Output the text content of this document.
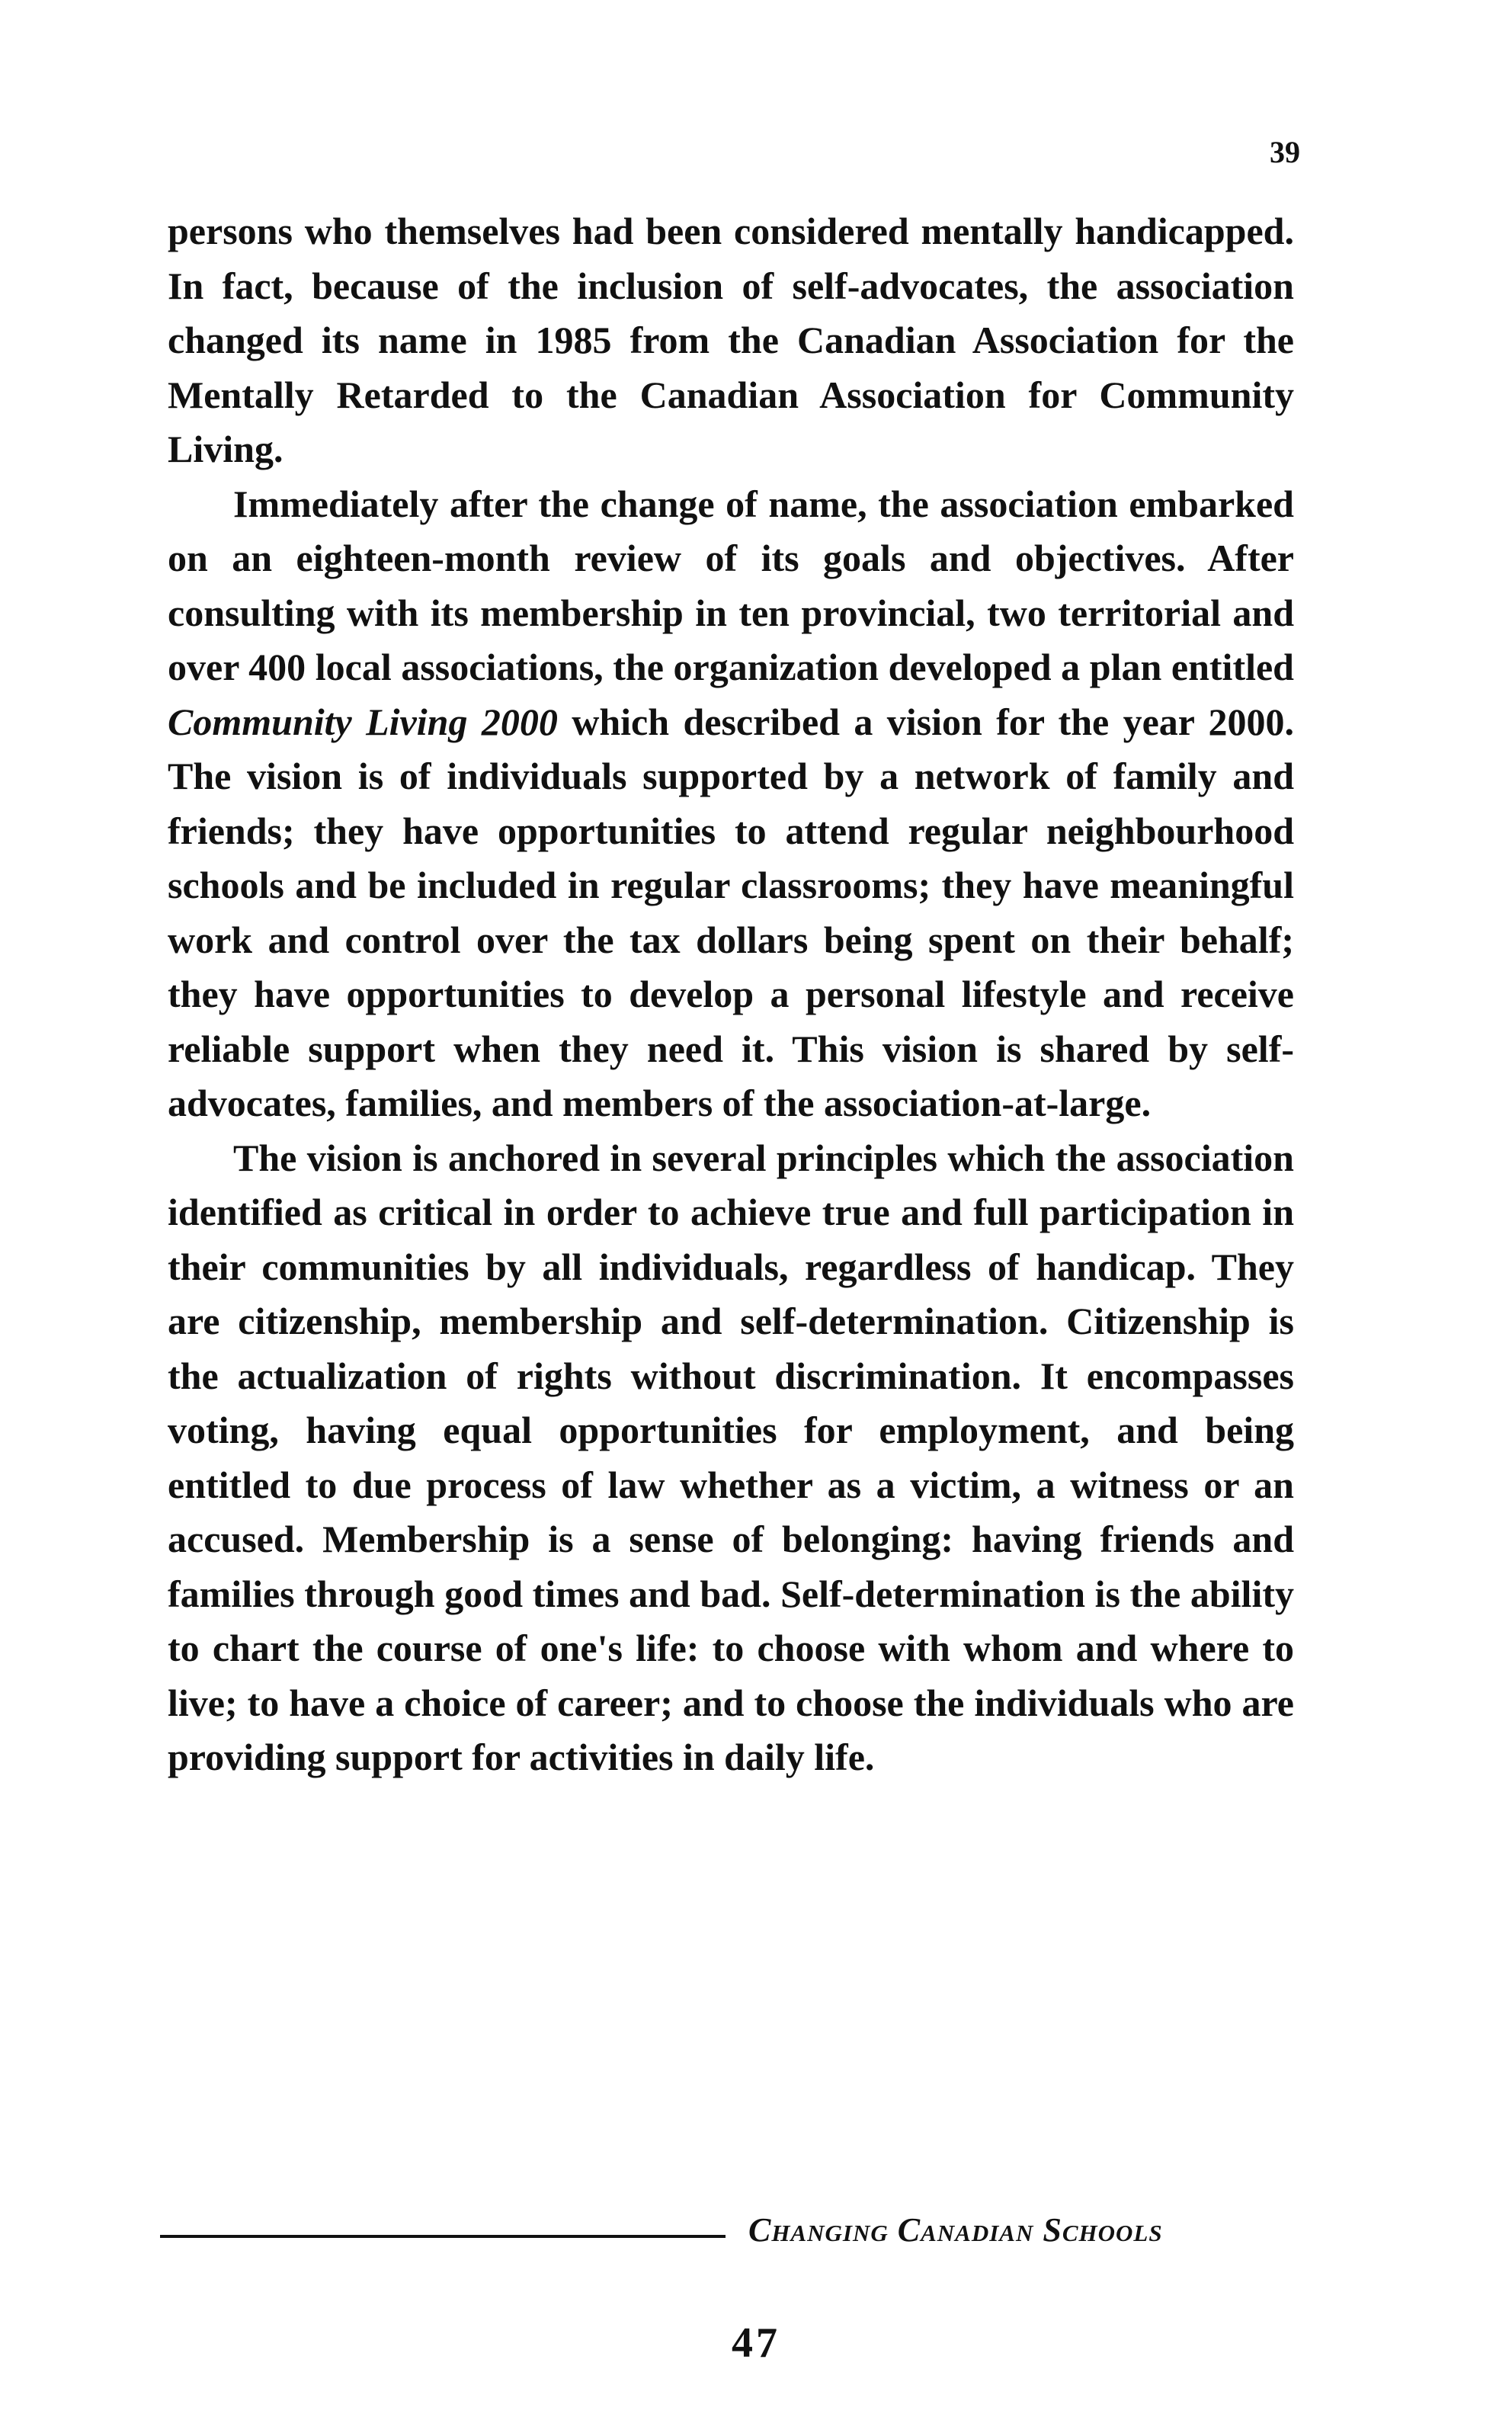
39

persons who themselves had been considered mentally handicapped. In fact, because of the inclusion of self-advocates, the association changed its name in 1985 from the Canadian Association for the Mentally Retarded to the Canadian Association for Community Living.

Immediately after the change of name, the association embarked on an eighteen-month review of its goals and objectives. After consulting with its membership in ten provincial, two territorial and over 400 local associations, the organization developed a plan entitled Community Living 2000 which described a vision for the year 2000. The vision is of individuals supported by a network of family and friends; they have opportunities to attend regular neighbourhood schools and be included in regular classrooms; they have meaningful work and control over the tax dollars being spent on their behalf; they have opportunities to develop a personal lifestyle and receive reliable support when they need it. This vision is shared by self-advocates, families, and members of the association-at-large.

The vision is anchored in several principles which the association identified as critical in order to achieve true and full participation in their communities by all individuals, regardless of handicap. They are citizenship, membership and self-determination. Citizenship is the actualization of rights without discrimination. It encompasses voting, having equal opportunities for employment, and being entitled to due process of law whether as a victim, a witness or an accused. Membership is a sense of belonging: having friends and families through good times and bad. Self-determination is the ability to chart the course of one's life: to choose with whom and where to live; to have a choice of career; and to choose the individuals who are providing support for activities in daily life.

Changing Canadian Schools
47
